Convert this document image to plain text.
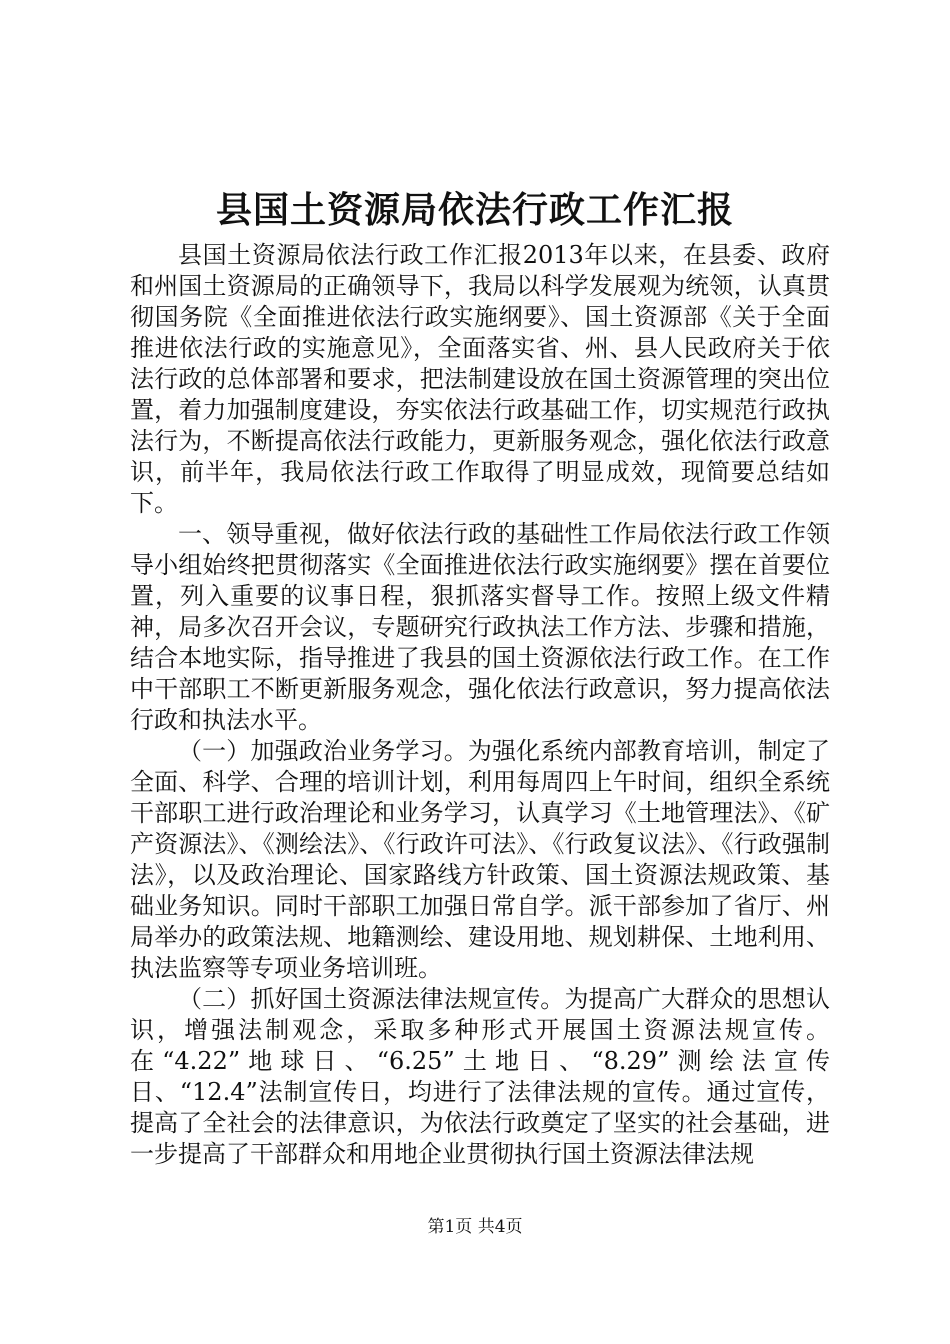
县国土资源局依法行政工作汇报

县国土资源局依法行政工作汇报2013年以来，在县委、政府和州国土资源局的正确领导下，我局以科学发展观为统领，认真贯彻国务院《全面推进依法行政实施纲要》、国土资源部《关于全面推进依法行政的实施意见》，全面落实省、州、县人民政府关于依法行政的总体部署和要求，把法制建设放在国土资源管理的突出位置，着力加强制度建设，夯实依法行政基础工作，切实规范行政执法行为，不断提高依法行政能力，更新服务观念，强化依法行政意识，前半年，我局依法行政工作取得了明显成效，现简要总结如下。

一、领导重视，做好依法行政的基础性工作局依法行政工作领导小组始终把贯彻落实《全面推进依法行政实施纲要》摆在首要位置，列入重要的议事日程，狠抓落实督导工作。按照上级文件精神，局多次召开会议，专题研究行政执法工作方法、步骤和措施，结合本地实际，指导推进了我县的国土资源依法行政工作。在工作中干部职工不断更新服务观念，强化依法行政意识，努力提高依法行政和执法水平。

（一）加强政治业务学习。为强化系统内部教育培训，制定了全面、科学、合理的培训计划，利用每周四上午时间，组织全系统干部职工进行政治理论和业务学习，认真学习《土地管理法》、《矿产资源法》、《测绘法》、《行政许可法》、《行政复议法》、《行政强制法》，以及政治理论、国家路线方针政策、国土资源法规政策、基础业务知识。同时干部职工加强日常自学。派干部参加了省厅、州局举办的政策法规、地籍测绘、建设用地、规划耕保、土地利用、执法监察等专项业务培训班。

（二）抓好国土资源法律法规宣传。为提高广大群众的思想认识，增强法制观念，采取多种形式开展国土资源法规宣传。在“4.22”地球日、“6.25”土地日、“8.29”测绘法宣传日、“12.4”法制宣传日，均进行了法律法规的宣传。通过宣传，提高了全社会的法律意识，为依法行政奠定了坚实的社会基础，进一步提高了干部群众和用地企业贯彻执行国土资源法律法规

第1页 共4页
